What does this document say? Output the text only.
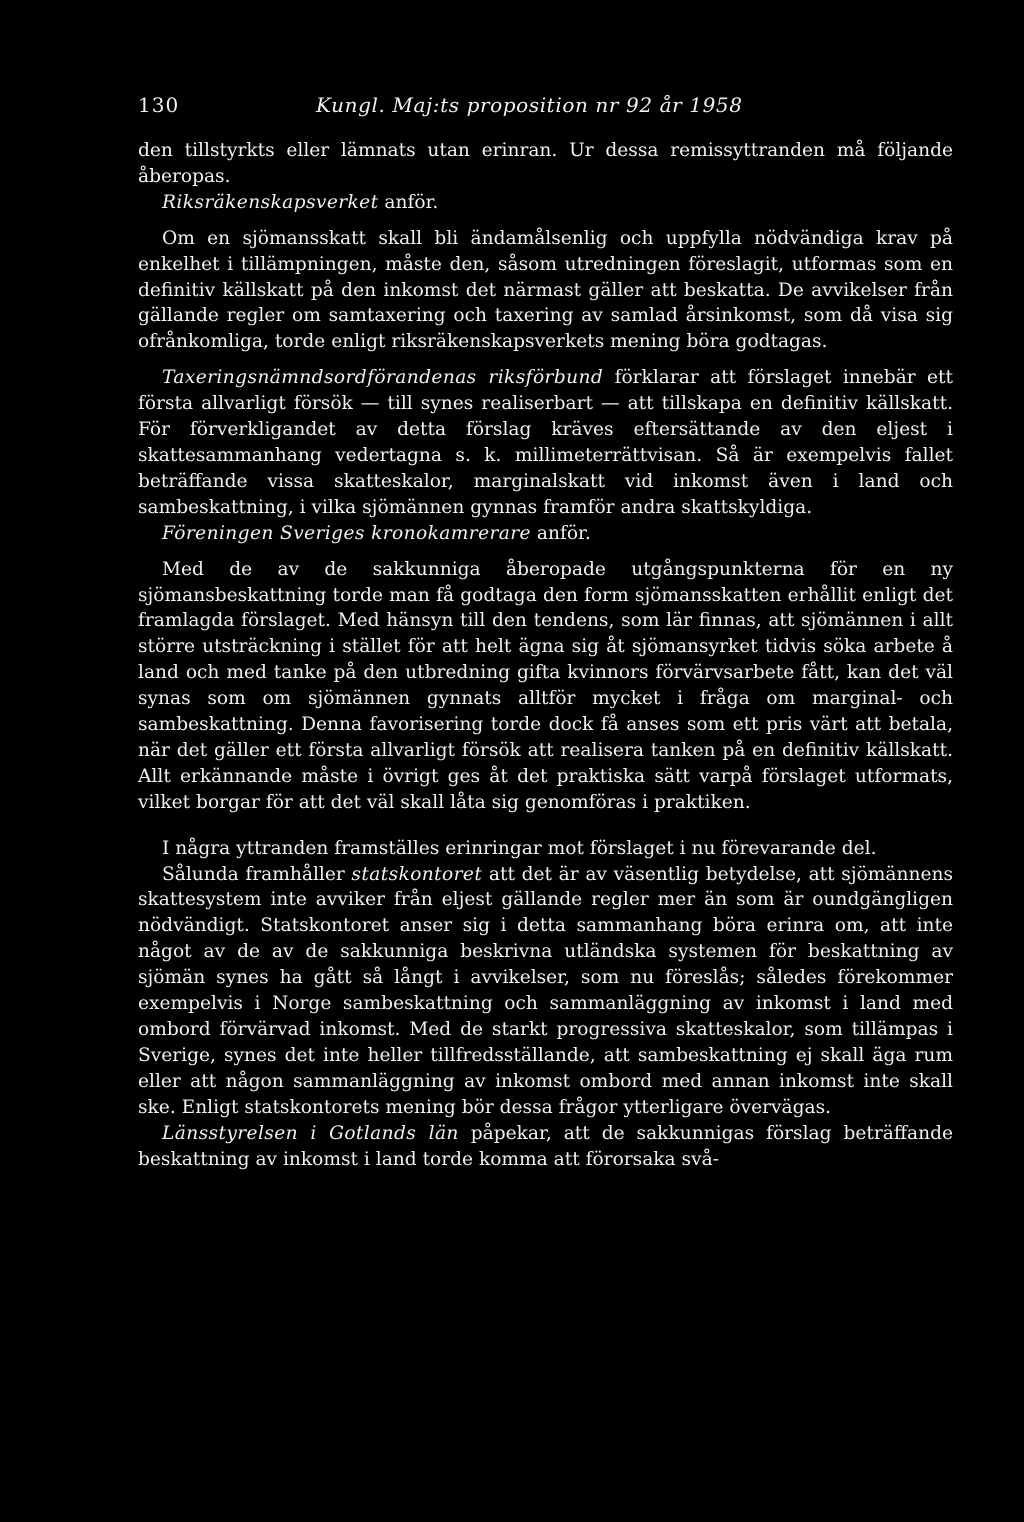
130	Kungl. Maj:ts proposition nr 92 år 1958

den tillstyrkts eller lämnats utan erinran. Ur dessa remissyttranden må följande åberopas.

Riksräkenskapsverket anför.

Om en sjömansskatt skall bli ändamålsenlig och uppfylla nödvändiga krav på enkelhet i tillämpningen, måste den, såsom utredningen föreslagit, utformas som en definitiv källskatt på den inkomst det närmast gäller att beskatta. De avvikelser från gällande regler om samtaxering och taxering av samlad årsinkomst, som då visa sig ofrånkomliga, torde enligt riksräkenskapsverkets mening böra godtagas.

Taxeringsnämndsordförandenas riksförbund förklarar att förslaget innebär ett första allvarligt försök — till synes realiserbart — att tillskapa en definitiv källskatt. För förverkligandet av detta förslag kräves eftersättande av den eljest i skattesammanhang vedertagna s. k. millimeterrättvisan. Så är exempelvis fallet beträffande vissa skatteskalor, marginalskatt vid inkomst även i land och sambeskattning, i vilka sjömännen gynnas framför andra skattskyldiga.

Föreningen Sveriges kronokamrerare anför.

Med de av de sakkunniga åberopade utgångspunkterna för en ny sjömansbeskattning torde man få godtaga den form sjömansskatten erhållit enligt det framlagda förslaget. Med hänsyn till den tendens, som lär finnas, att sjömännen i allt större utsträckning i stället för att helt ägna sig åt sjömansyrket tidvis söka arbete å land och med tanke på den utbredning gifta kvinnors förvärvsarbete fått, kan det väl synas som om sjömännen gynnats alltför mycket i fråga om marginal- och sambeskattning. Denna favorisering torde dock få anses som ett pris värt att betala, när det gäller ett första allvarligt försök att realisera tanken på en definitiv källskatt. Allt erkännande måste i övrigt ges åt det praktiska sätt varpå förslaget utformats, vilket borgar för att det väl skall låta sig genomföras i praktiken.

I några yttranden framställes erinringar mot förslaget i nu förevarande del.

Sålunda framhåller statskontoret att det är av väsentlig betydelse, att sjömännens skattesystem inte avviker från eljest gällande regler mer än som är oundgängligen nödvändigt. Statskontoret anser sig i detta sammanhang böra erinra om, att inte något av de av de sakkunniga beskrivna utländska systemen för beskattning av sjömän synes ha gått så långt i avvikelser, som nu föreslås; således förekommer exempelvis i Norge sambeskattning och sammanläggning av inkomst i land med ombord förvärvad inkomst. Med de starkt progressiva skatteskalor, som tillämpas i Sverige, synes det inte heller tillfredsställande, att sambeskattning ej skall äga rum eller att någon sammanläggning av inkomst ombord med annan inkomst inte skall ske. Enligt statskontorets mening bör dessa frågor ytterligare övervägas.

Länsstyrelsen i Gotlands län påpekar, att de sakkunnigas förslag beträffande beskattning av inkomst i land torde komma att förorsaka svå-
